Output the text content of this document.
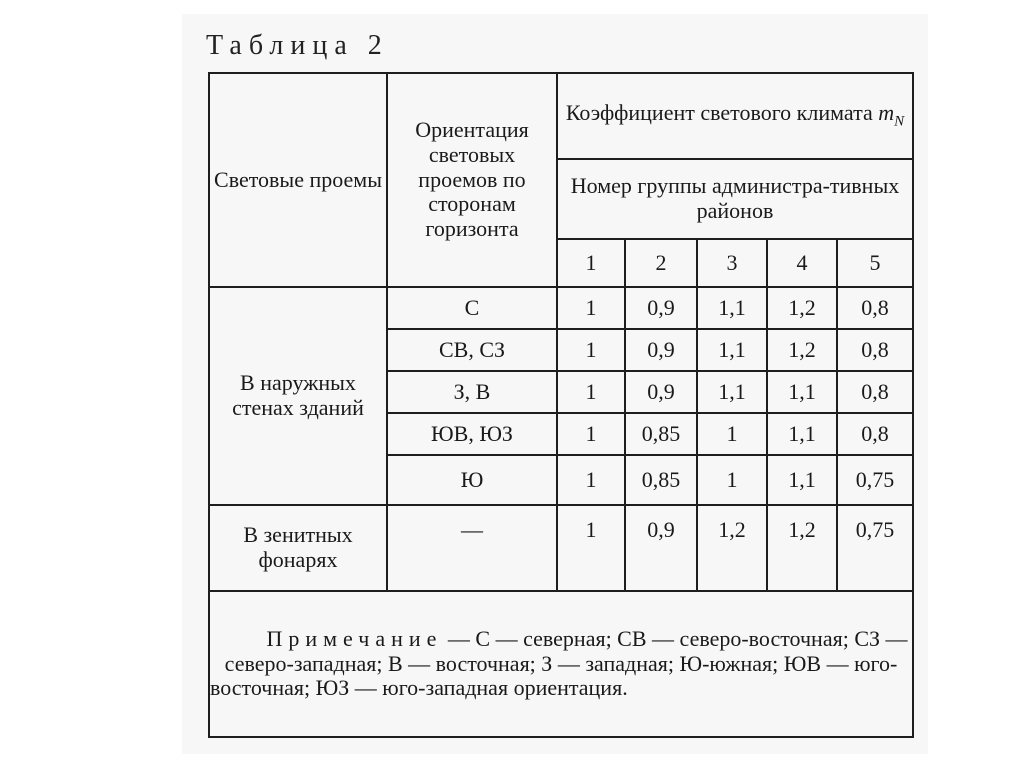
Таблица 2
Световые проемы	Ориентация световых проемов по сторонам горизонта	Коэффициент светового климата $m_N$
		Номер группы администра-тивных районов				
		1	2	3	4	5
В наружных стенах зданий	С	1	0,9	1,1	1,2	0,8
	СВ, СЗ	1	0,9	1,1	1,2	0,8
	З, В	1	0,9	1,1	1,1	0,8
	ЮВ, ЮЗ	1	0,85	1	1,1	0,8
	Ю	1	0,85	1	1,1	0,75
В зенитных фонарях	—	1	0,9	1,2	1,2	0,75
Примечание — С — северная; СВ — северо-восточная; СЗ — северо-западная; В — восточная; З — западная; Ю-южная; ЮВ — юго-восточная; ЮЗ — юго-западная ориентация.						
